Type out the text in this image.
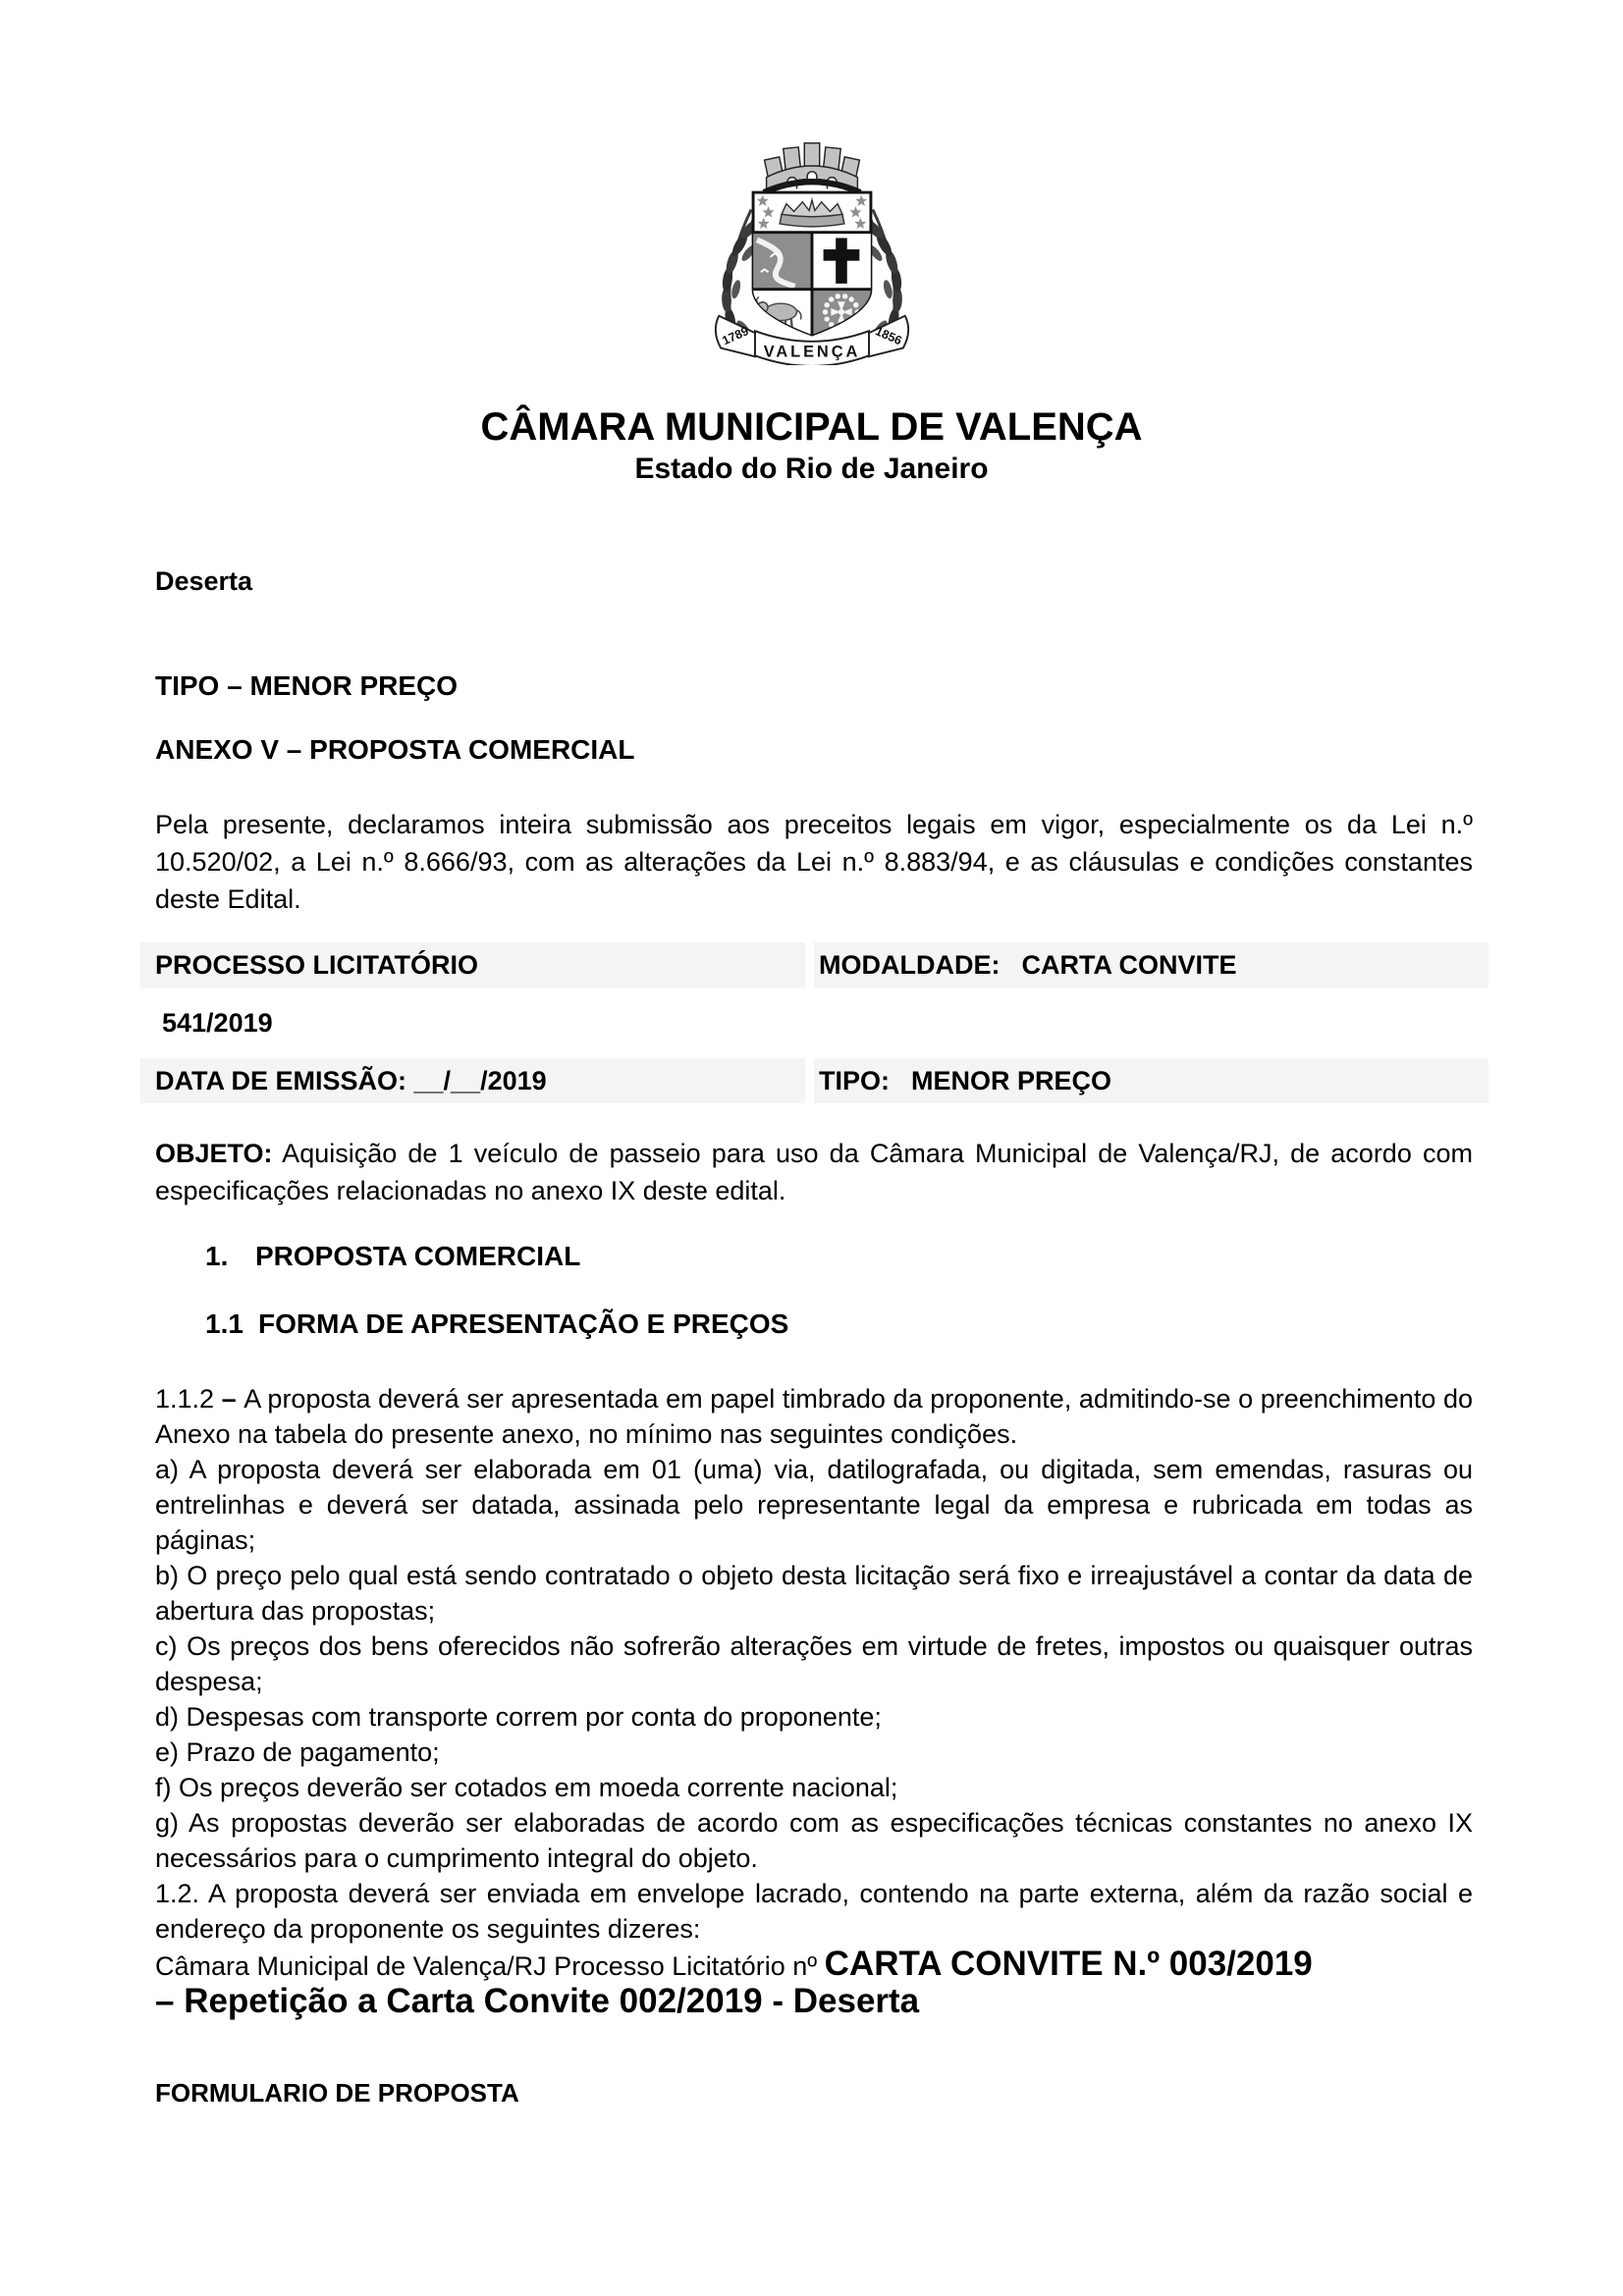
1789	1856
VALENÇA
CÂMARA MUNICIPAL DE VALENÇA
Estado do Rio de Janeiro

Deserta

TIPO – MENOR PREÇO

ANEXO V – PROPOSTA COMERCIAL

Pela presente, declaramos inteira submissão aos preceitos legais em vigor, especialmente os da Lei n.º 10.520/02, a Lei n.º 8.666/93, com as alterações da Lei n.º 8.883/94, e as cláusulas e condições constantes deste Edital.

PROCESSO LICITATÓRIO	MODALDADE: CARTA CONVITE
541/2019
DATA DE EMISSÃO: __/__/2019	TIPO: MENOR PREÇO

OBJETO: Aquisição de 1 veículo de passeio para uso da Câmara Municipal de Valença/RJ, de acordo com especificações relacionadas no anexo IX deste edital.

1. PROPOSTA COMERCIAL

1.1 FORMA DE APRESENTAÇÃO E PREÇOS

1.1.2 – A proposta deverá ser apresentada em papel timbrado da proponente, admitindo-se o preenchimento do Anexo na tabela do presente anexo, no mínimo nas seguintes condições.

a) A proposta deverá ser elaborada em 01 (uma) via, datilografada, ou digitada, sem emendas, rasuras ou entrelinhas e deverá ser datada, assinada pelo representante legal da empresa e rubricada em todas as páginas;

b) O preço pelo qual está sendo contratado o objeto desta licitação será fixo e irreajustável a contar da data de abertura das propostas;

c) Os preços dos bens oferecidos não sofrerão alterações em virtude de fretes, impostos ou quaisquer outras despesa;

d) Despesas com transporte correm por conta do proponente;

e) Prazo de pagamento;

f) Os preços deverão ser cotados em moeda corrente nacional;

g) As propostas deverão ser elaboradas de acordo com as especificações técnicas constantes no anexo IX necessários para o cumprimento integral do objeto.

1.2. A proposta deverá ser enviada em envelope lacrado, contendo na parte externa, além da razão social e endereço da proponente os seguintes dizeres:

Câmara Municipal de Valença/RJ Processo Licitatório nº CARTA CONVITE N.º 003/2019
– Repetição a Carta Convite 002/2019 - Deserta

FORMULARIO DE PROPOSTA
